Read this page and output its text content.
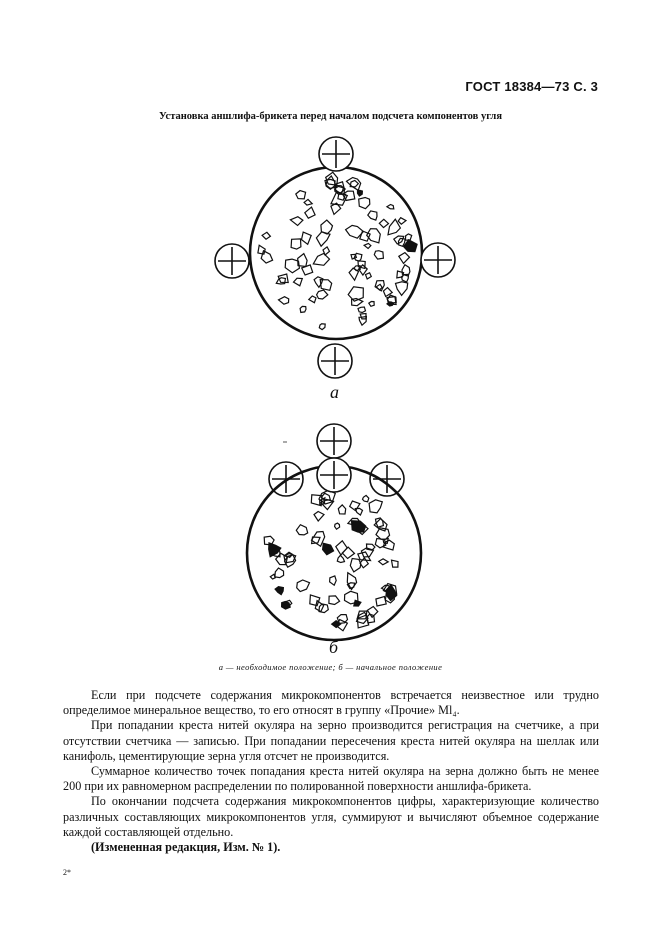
ГОСТ 18384—73 С. 3
Установка аншлифа-брикета перед началом подсчета компонентов угля
а
б
а — необходимое положение; б — начальное положение

Если при подсчете содержания микрокомпонентов встречается неизвестное или трудно определимое минеральное вещество, то его относят в группу «Прочие» Ml₄.

При попадании креста нитей окуляра на зерно производится регистрация на счетчике, а при отсутствии счетчика — записью. При попадании пересечения креста нитей окуляра на шеллак или канифоль, цементирующие зерна угля отсчет не производится.

Суммарное количество точек попадания креста нитей окуляра на зерна должно быть не менее 200 при их равномерном распределении по полированной поверхности аншлифа-брикета.

По окончании подсчета содержания микрокомпонентов цифры, характеризующие количество различных составляющих микрокомпонентов угля, суммируют и вычисляют объемное содержание каждой составляющей отдельно.

(Измененная редакция, Изм. № 1).

2*
